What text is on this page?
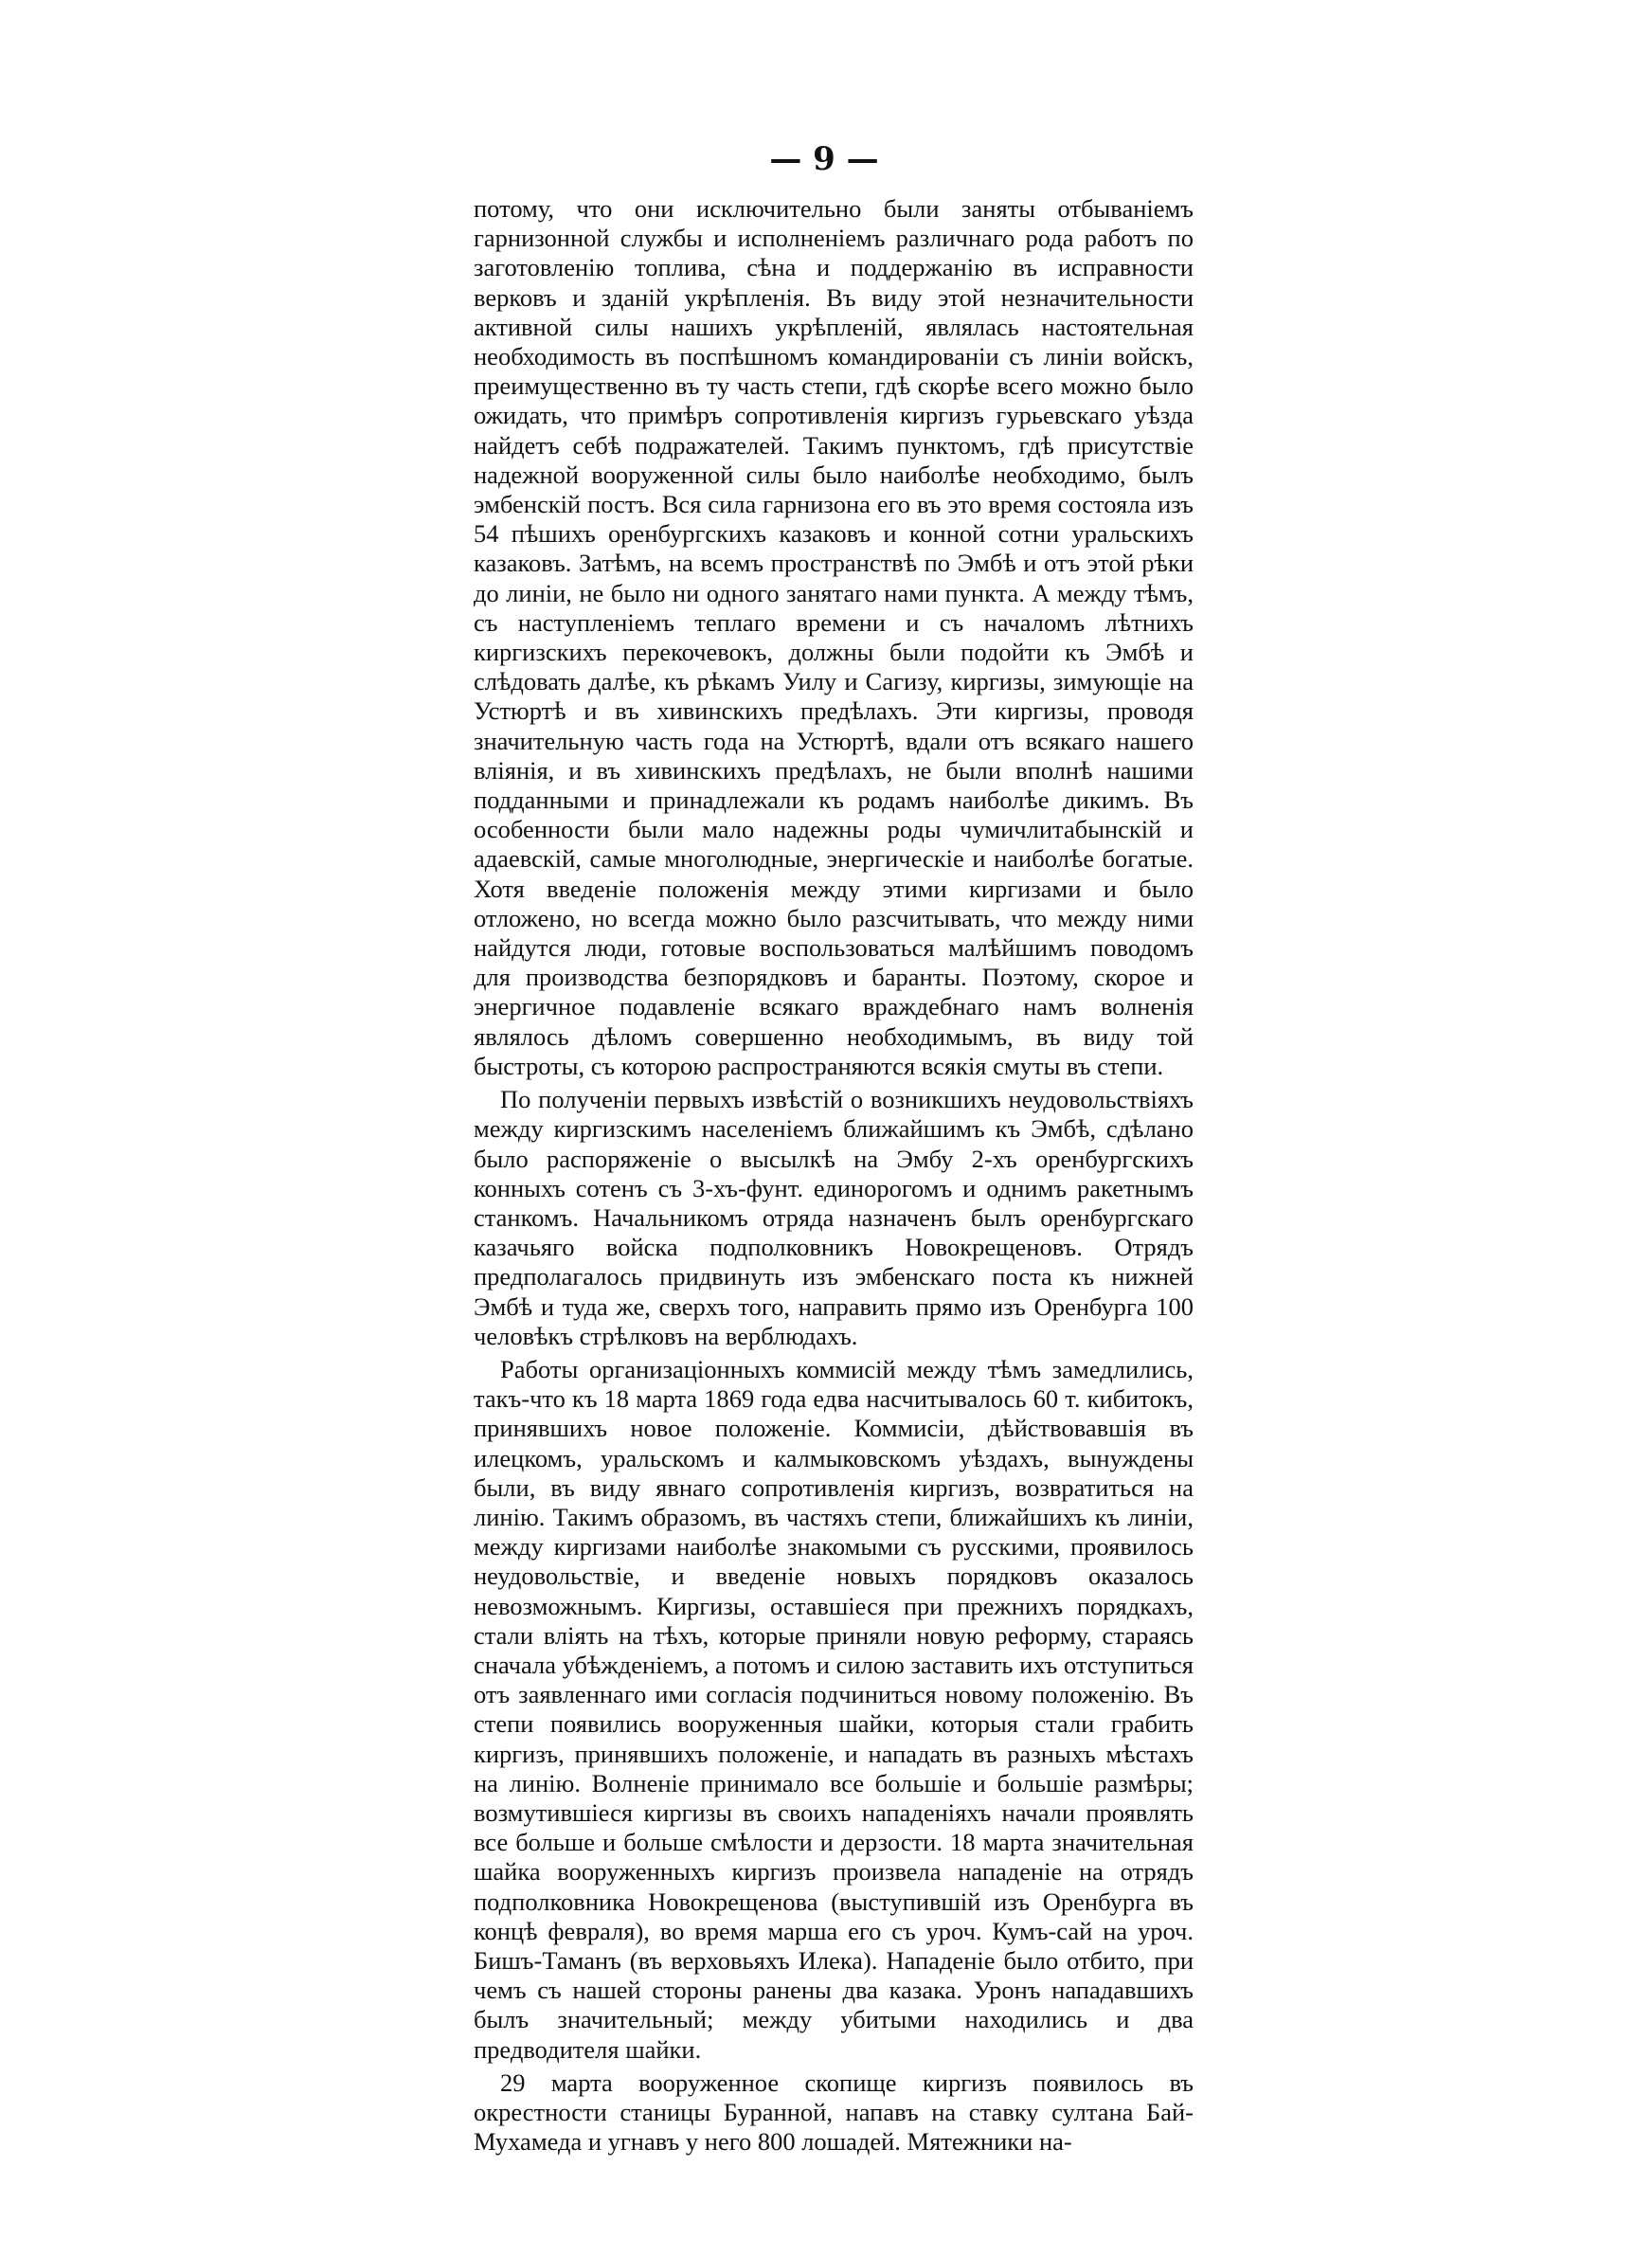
— 9 —

потому, что они исключительно были заняты отбываніемъ гарнизонной службы и исполненіемъ различнаго рода работъ по заготовленію топлива, сѣна и поддержанію въ исправности верковъ и зданій укрѣпленія. Въ виду этой незначительности активной силы нашихъ укрѣпленій, являлась настоятельная необходимость въ поспѣшномъ командированіи съ линіи войскъ, преимущественно въ ту часть степи, гдѣ скорѣе всего можно было ожидать, что примѣръ сопротивленія киргизъ гурьевскаго уѣзда найдетъ себѣ подражателей. Такимъ пунктомъ, гдѣ присутствіе надежной вооруженной силы было наиболѣе необходимо, былъ эмбенскій постъ. Вся сила гарнизона его въ это время состояла изъ 54 пѣшихъ оренбургскихъ казаковъ и конной сотни уральскихъ казаковъ. Затѣмъ, на всемъ пространствѣ по Эмбѣ и отъ этой рѣки до линіи, не было ни одного занятаго нами пункта. А между тѣмъ, съ наступленіемъ теплаго времени и съ началомъ лѣтнихъ киргизскихъ перекочевокъ, должны были подойти къ Эмбѣ и слѣдовать далѣе, къ рѣкамъ Уилу и Сагизу, киргизы, зимующіе на Устюртѣ и въ хивинскихъ предѣлахъ. Эти киргизы, проводя значительную часть года на Устюртѣ, вдали отъ всякаго нашего вліянія, и въ хивинскихъ предѣлахъ, не были вполнѣ нашими подданными и принадлежали къ родамъ наиболѣе дикимъ. Въ особенности были мало надежны роды чумичлитабынскій и адаевскій, самые многолюдные, энергическіе и наиболѣе богатые. Хотя введеніе положенія между этими киргизами и было отложено, но всегда можно было разсчитывать, что между ними найдутся люди, готовые воспользоваться малѣйшимъ поводомъ для производства безпорядковъ и баранты. Поэтому, скорое и энергичное подавленіе всякаго враждебнаго намъ волненія являлось дѣломъ совершенно необходимымъ, въ виду той быстроты, съ которою распространяются всякія смуты въ степи.

По полученіи первыхъ извѣстій о возникшихъ неудовольствіяхъ между киргизскимъ населеніемъ ближайшимъ къ Эмбѣ, сдѣлано было распоряженіе о высылкѣ на Эмбу 2-хъ оренбургскихъ конныхъ сотенъ съ 3-хъ-фунт. единорогомъ и однимъ ракетнымъ станкомъ. Начальникомъ отряда назначенъ былъ оренбургскаго казачьяго войска подполковникъ Новокрещеновъ. Отрядъ предполагалось придвинуть изъ эмбенскаго поста къ нижней Эмбѣ и туда же, сверхъ того, направить прямо изъ Оренбурга 100 человѣкъ стрѣлковъ на верблюдахъ.

Работы организаціонныхъ коммисій между тѣмъ замедлились, такъ-что къ 18 марта 1869 года едва насчитывалось 60 т. кибитокъ, принявшихъ новое положеніе. Коммисіи, дѣйствовавшія въ илецкомъ, уральскомъ и калмыковскомъ уѣздахъ, вынуждены были, въ виду явнаго сопротивленія киргизъ, возвратиться на линію. Такимъ образомъ, въ частяхъ степи, ближайшихъ къ линіи, между киргизами наиболѣе знакомыми съ русскими, проявилось неудовольствіе, и введеніе новыхъ порядковъ оказалось невозможнымъ. Киргизы, оставшіеся при прежнихъ порядкахъ, стали вліять на тѣхъ, которые приняли новую реформу, стараясь сначала убѣжденіемъ, а потомъ и силою заставить ихъ отступиться отъ заявленнаго ими согласія подчиниться новому положенію. Въ степи появились вооруженныя шайки, которыя стали грабить киргизъ, принявшихъ положеніе, и нападать въ разныхъ мѣстахъ на линію. Волненіе принимало все большіе и большіе размѣры; возмутившіеся киргизы въ своихъ нападеніяхъ начали проявлять все больше и больше смѣлости и дерзости. 18 марта значительная шайка вооруженныхъ киргизъ произвела нападеніе на отрядъ подполковника Новокрещенова (выступившій изъ Оренбурга въ концѣ февраля), во время марша его съ уроч. Кумъ-сай на уроч. Бишъ-Таманъ (въ верховьяхъ Илека). Нападеніе было отбито, при чемъ съ нашей стороны ранены два казака. Уронъ нападавшихъ былъ значительный; между убитыми находились и два предводителя шайки.

29 марта вооруженное скопище киргизъ появилось въ окрестности станицы Буранной, напавъ на ставку султана Бай-Мухамеда и угнавъ у него 800 лошадей. Мятежники на-
